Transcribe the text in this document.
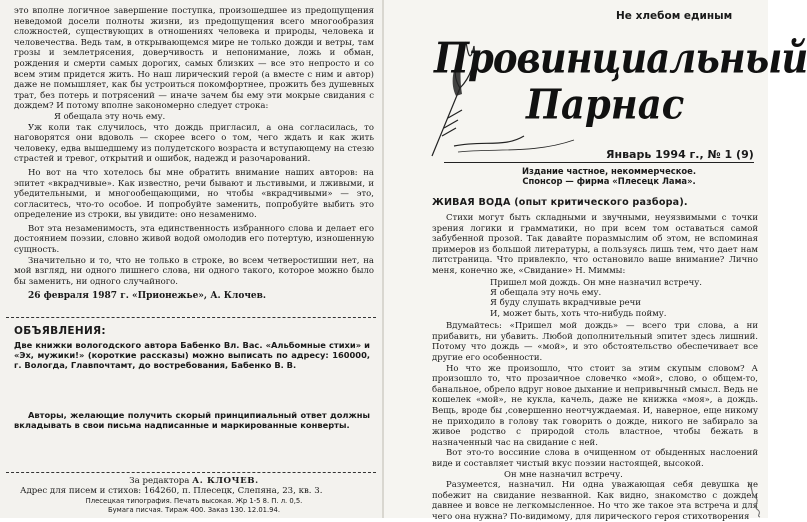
это вполне логичное завершение поступка, произошедшее из предощущения неведомой досели полноты жизни, из предощущения всего многообразия сложностей, существующих в отношениях человека и природы, человека и человечества. Ведь там, в открывающемся мире не только дожди и ветры, там грозы и землетрясения, доверчивость и непонимание, ложь и обман, рождения и смерти самых дорогих, самых близких — все это непросто и со всем этим придется жить. Но наш лирический герой (а вместе с ним и автор) даже не помышляет, как бы устроиться покомфортнее, прожить без душевных трат, без потерь и потрясений — иначе зачем бы ему эти мокрые свидания с дождем? И потому вполне закономерно следует строка:

Я обещала эту ночь ему.

Уж коли так случилось, что дождь пригласил, а она согласилась, то наговорятся они вдоволь — скорее всего о том, чего ждать и как жить человеку, едва вышедшему из полудетского возраста и вступающему на стезю страстей и тревог, открытий и ошибок, надежд и разочарований.

Но вот на что хотелось бы мне обратить внимание наших авторов: на эпитет «вкрадчивые». Как известно, речи бывают и льстивыми, и лживыми, и убедительными, и многообещающими, но чтобы «вкрадчивыми» — это, согласитесь, что-то особое. И попробуйте заменить, попробуйте выбить это определение из строки, вы увидите: оно незаменимо.

Вот эта незаменимость, эта единственность избранного слова и делает его достоянием поэзии, словно живой водой омолодив его потертую, изношенную сущность.

Значительно и то, что не только в строке, во всем четверостишии нет, на мой взгляд, ни одного лишнего слова, ни одного такого, которое можно было бы заменить, ни одного случайного.

26 февраля 1987 г. «Прионежье», А. Клочев.

ОБЪЯВЛЕНИЯ:
Две книжки вологодского автора Бабенко Вл. Вас. «Альбомные стихи» и «Эх, мужики!» (короткие рассказы) можно выписать по адресу: 160000, г. Вологда, Главпочтамт, до востребования, Бабенко В. В.
Авторы, желающие получить скорый принципиальный ответ должны вкладывать в свои письма надписанные и маркированные конверты.
За редактора А. КЛОЧЕВ.
Адрес для писем и стихов: 164260, п. Плесецк, Слепяна, 23, кв. 3.
Плесецкая типография. Печать высокая. Жр 1-5 8. П. л. 0,5.
Бумага писчая. Тираж 400. Заказ 130. 12.01.94.
Не хлебом единым
Провинциальный
Парнас
Январь 1994 г., № 1 (9)
Издание частное, некоммерческое.
Спонсор — фирма «Плесецк Лама».
ЖИВАЯ ВОДА (опыт критического разбора).

Стихи могут быть складными и звучными, неуязвимыми с точки зрения логики и грамматики, но при всем том оставаться самой забубенной прозой. Так давайте поразмыслим об этом, не вспоминая примеров из большой литературы, а пользуясь лишь тем, что дает нам литстраница. Что привлекло, что остановило ваше внимание? Лично меня, конечно же, «Свидание» Н. Миммы:

Пришел мой дождь. Он мне назначил встречу.
Я обещала эту ночь ему.
Я буду слушать вкрадчивые речи
И, может быть, хоть что-нибудь пойму.

Вдумайтесь: «Пришел мой дождь» — всего три слова, а ни прибавить, ни убавить. Любой дополнительный эпитет здесь лишний. Потому что дождь — «мой», и это обстоятельство обеспечивает все другие его особенности.

Но что же произошло, что стоит за этим скупым словом? А произошло то, что прозаичное словечко «мой», слово, о общем-то, банальное, обрело вдруг новое дыхание и непривычный смысл. Ведь не кошелек «мой», не кукла, качель, даже не книжка «моя», а дождь. Вещь, вроде бы ,совершенно неотчуждаемая. И, наверное, еще никому не приходило в голову так говорить о дожде, никого не забирало за живое родство с природой столь властное, чтобы бежать в назначенный час на свидание с ней.

Вот это-то воссиние слова в очищенном от обыденных наслоений виде и составляет чистый вкус поэзии настоящей, высокой.

Он мне назначил встречу.

Разумеется, назначил. Ни одна уважающая себя девушка не побежит на свидание незванной. Как видно, знакомство с дождем давнее и вовсе не легкомысленное. Но что же такое эта встреча и для чего она нужна? По-видимому, для лирического героя стихотворения
